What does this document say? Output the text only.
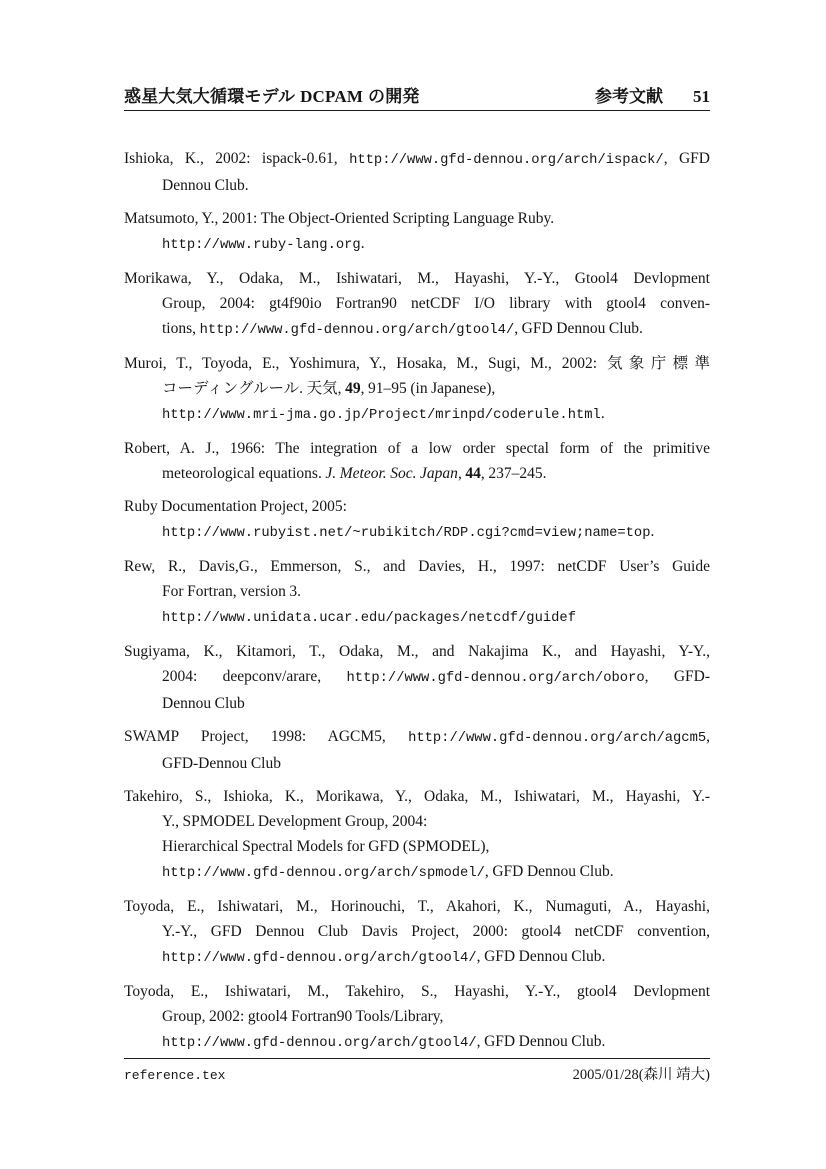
惑星大気大循環モデル DCPAM の開発	参考文献 51
Ishioka, K., 2002: ispack-0.61, http://www.gfd-dennou.org/arch/ispack/, GFD
Dennou Club.
Matsumoto, Y., 2001: The Object-Oriented Scripting Language Ruby.
http://www.ruby-lang.org.
Morikawa, Y., Odaka, M., Ishiwatari, M., Hayashi, Y.-Y., Gtool4 Devlopment
Group, 2004: gt4f90io Fortran90 netCDF I/O library with gtool4 conven-
tions, http://www.gfd-dennou.org/arch/gtool4/, GFD Dennou Club.
Muroi, T., Toyoda, E., Yoshimura, Y., Hosaka, M., Sugi, M., 2002: 気象庁標準
コーディングルール. 天気, 49, 91–95 (in Japanese),
http://www.mri-jma.go.jp/Project/mrinpd/coderule.html.
Robert, A. J., 1966: The integration of a low order spectal form of the primitive
meteorological equations. J. Meteor. Soc. Japan, 44, 237–245.
Ruby Documentation Project, 2005:
http://www.rubyist.net/~rubikitch/RDP.cgi?cmd=view;name=top.
Rew, R., Davis,G., Emmerson, S., and Davies, H., 1997: netCDF User’s Guide
For Fortran, version 3.
http://www.unidata.ucar.edu/packages/netcdf/guidef
Sugiyama, K., Kitamori, T., Odaka, M., and Nakajima K., and Hayashi, Y-Y.,
2004: deepconv/arare, http://www.gfd-dennou.org/arch/oboro, GFD-
Dennou Club
SWAMP Project, 1998: AGCM5, http://www.gfd-dennou.org/arch/agcm5,
GFD-Dennou Club
Takehiro, S., Ishioka, K., Morikawa, Y., Odaka, M., Ishiwatari, M., Hayashi, Y.-
Y., SPMODEL Development Group, 2004:
Hierarchical Spectral Models for GFD (SPMODEL),
http://www.gfd-dennou.org/arch/spmodel/, GFD Dennou Club.
Toyoda, E., Ishiwatari, M., Horinouchi, T., Akahori, K., Numaguti, A., Hayashi,
Y.-Y., GFD Dennou Club Davis Project, 2000: gtool4 netCDF convention,
http://www.gfd-dennou.org/arch/gtool4/, GFD Dennou Club.
Toyoda, E., Ishiwatari, M., Takehiro, S., Hayashi, Y.-Y., gtool4 Devlopment
Group, 2002: gtool4 Fortran90 Tools/Library,
http://www.gfd-dennou.org/arch/gtool4/, GFD Dennou Club.
reference.tex	2005/01/28(森川 靖大)
